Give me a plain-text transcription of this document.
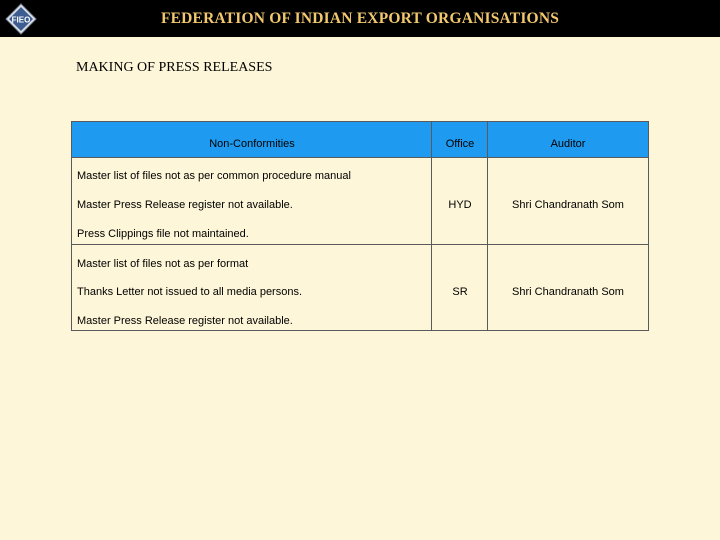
FIEO	FEDERATION OF INDIAN EXPORT ORGANISATIONS
MAKING OF PRESS RELEASES
Non-Conformities	Office	Auditor
Master list of files not as per common procedure manual
Master Press Release register not available.
Press Clippings file not maintained.
HYD	Shri Chandranath Som
Master list of files not as per format
Thanks Letter not issued to all media persons.
Master Press Release register not available.
SR	Shri Chandranath Som
